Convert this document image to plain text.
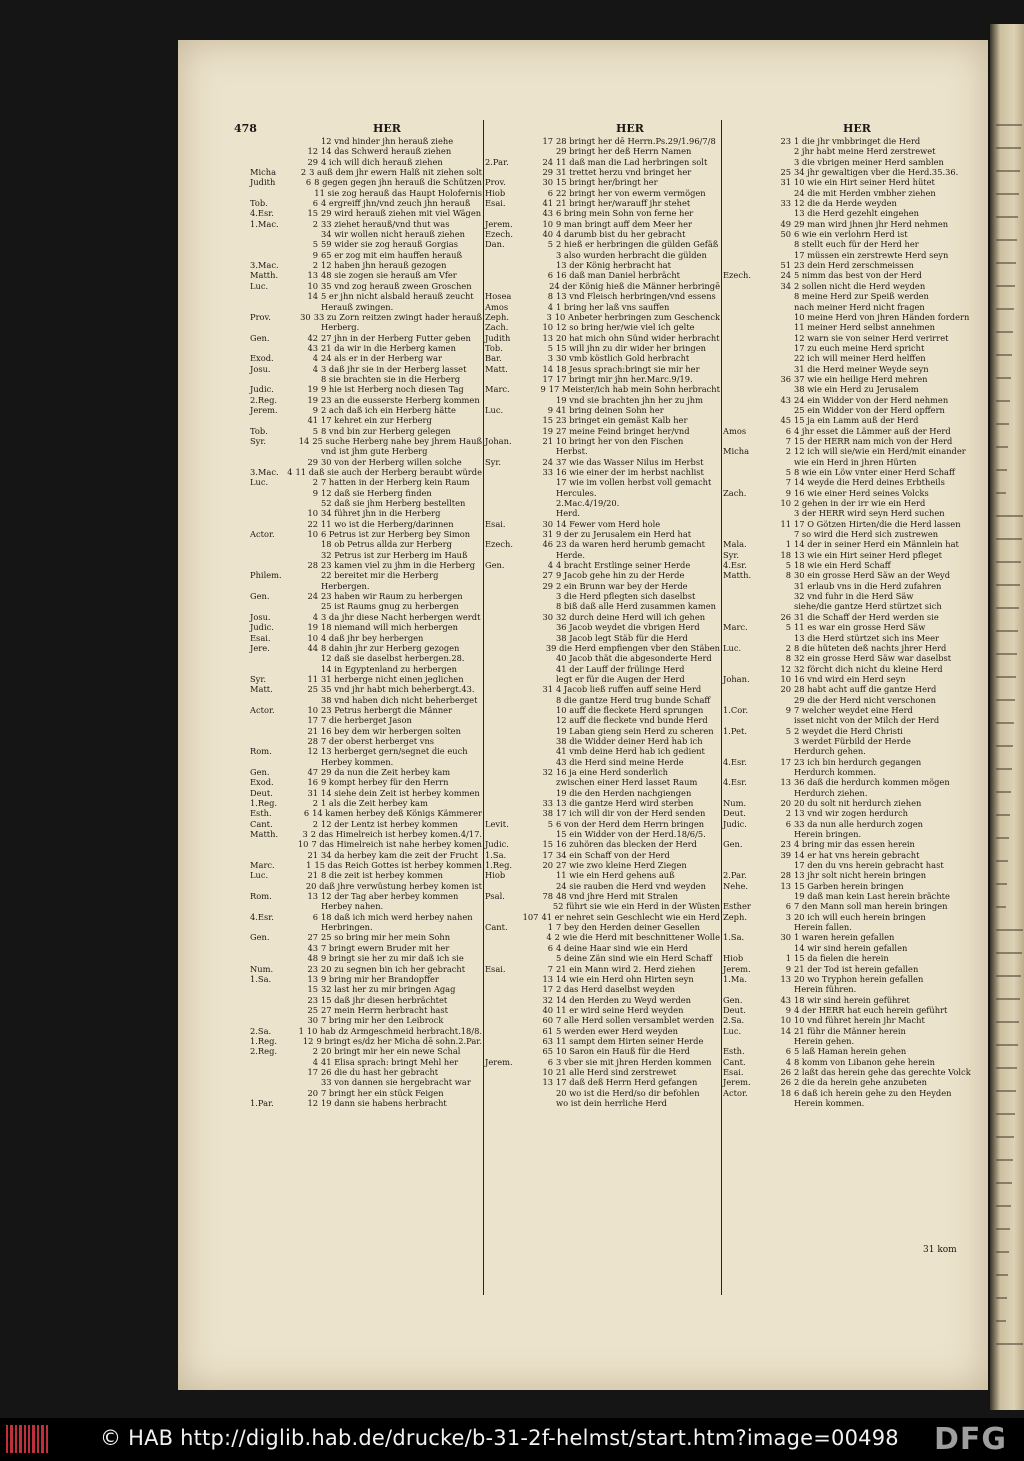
478	HER	HER	HER
12 vnd hinder jhn herauß ziehe
12 14 das Schwerd herauß ziehen
29 4 ich will dich herauß ziehen
Micha	2 3 auß dem jhr ewern Halß nit ziehen solt
Judith	6 8 gegen gegen jhn herauß die Schützen
11 sie zog herauß das Haupt Holofernis
Tob.	6 4 ergreiff jhn/vnd zeuch jhn herauß
4.Esr.	15 29 wird herauß ziehen mit viel Wägen
1.Mac.	2 33 ziehet herauß/vnd thut was
34 wir wollen nicht herauß ziehen
5 59 wider sie zog herauß Gorgias
9 65 er zog mit eim hauffen herauß
3.Mac.	2 12 haben jhn herauß gezogen
Matth.	13 48 sie zogen sie herauß am Vfer
Luc.	10 35 vnd zog herauß zween Groschen
14 5 er jhn nicht alsbald herauß zeucht
Herauß zwingen.
Prov.	30 33 zu Zorn reitzen zwingt hader herauß
Herberg.
Gen.	42 27 jhn in der Herberg Futter geben
43 21 da wir in die Herberg kamen
Exod.	4 24 als er in der Herberg war
Josu.	4 3 daß jhr sie in der Herberg lasset
8 sie brachten sie in die Herberg
Judic.	19 9 hie ist Herberg noch diesen Tag
2.Reg.	19 23 an die eusserste Herberg kommen
Jerem.	9 2 ach daß ich ein Herberg hätte
41 17 kehret ein zur Herberg
Tob.	5 8 vnd bin zur Herberg gelegen
Syr.	14 25 suche Herberg nahe bey jhrem Hauß
vnd ist jhm gute Herberg
29 30 von der Herberg willen solche
3.Mac.	4 11 daß sie auch der Herberg beraubt würde
Luc.	2 7 hatten in der Herberg kein Raum
9 12 daß sie Herberg finden
52 daß sie jhm Herberg bestellten
10 34 führet jhn in die Herberg
22 11 wo ist die Herberg/darinnen
Actor.	10 6 Petrus ist zur Herberg bey Simon
18 ob Petrus allda zur Herberg
32 Petrus ist zur Herberg im Hauß
28 23 kamen viel zu jhm in die Herberg
Philem.	22 bereitet mir die Herberg
Herbergen.
Gen.	24 23 haben wir Raum zu herbergen
25 ist Raums gnug zu herbergen
Josu.	4 3 da jhr diese Nacht herbergen werdt
Judic.	19 18 niemand will mich herbergen
Esai.	10 4 daß jhr bey herbergen
Jere.	44 8 dahin jhr zur Herberg gezogen
12 daß sie daselbst herbergen.28.
14 in Egyptenland zu herbergen
Syr.	11 31 herberge nicht einen jeglichen
Matt.	25 35 vnd jhr habt mich beherbergt.43.
38 vnd haben dich nicht beherberget
Actor.	10 23 Petrus herbergt die Männer
17 7 die herberget Jason
21 16 bey dem wir herbergen solten
28 7 der oberst herberget vns
Rom.	12 13 herberget gern/segnet die euch
Herbey kommen.
Gen.	47 29 da nun die Zeit herbey kam
Exod.	16 9 kompt herbey für den Herrn
Deut.	31 14 siehe dein Zeit ist herbey kommen
1.Reg.	2 1 als die Zeit herbey kam
Esth.	6 14 kamen herbey deß Königs Kämmerer
Cant.	2 12 der Lentz ist herbey kommen
Matth.	3 2 das Himelreich ist herbey komen.4/17.
10 7 das Himelreich ist nahe herbey komen
21 34 da herbey kam die zeit der Frucht
Marc.	1 15 das Reich Gottes ist herbey kommen
Luc.	21 8 die zeit ist herbey kommen
20 daß jhre verwüstung herbey komen ist
Rom.	13 12 der Tag aber herbey kommen
Herbey nahen.
4.Esr.	6 18 daß ich mich werd herbey nahen
Herbringen.
Gen.	27 25 so bring mir her mein Sohn
43 7 bringt ewern Bruder mit her
48 9 bringt sie her zu mir daß ich sie
Num.	23 20 zu segnen bin ich her gebracht
1.Sa.	13 9 bring mir her Brandopffer
15 32 last her zu mir bringen Agag
23 15 daß jhr diesen herbrächtet
25 27 mein Herrn herbracht hast
30 7 bring mir her den Leibrock
2.Sa.	1 10 hab dz Armgeschmeid herbracht.18/8.
1.Reg.	12 9 bringt es/dz her Micha dē sohn.2.Par.
2.Reg.	2 20 bringt mir her ein newe Schal
4 41 Elisa sprach: bringt Mehl her
17 26 die du hast her gebracht
33 von dannen sie hergebracht war
20 7 bringt her ein stück Feigen
1.Par.	12 19 dann sie habens herbracht
17 28 bringt her dē Herrn.Ps.29/1.96/7/8
29 bringt her deß Herrn Namen
2.Par.	24 11 daß man die Lad herbringen solt
29 31 trettet herzu vnd bringet her
Prov.	30 15 bringt her/bringt her
Hiob	6 22 bringt her von ewerm vermögen
Esai.	41 21 bringt her/warauff jhr stehet
43 6 bring mein Sohn von ferne her
Jerem.	10 9 man bringt auff dem Meer her
Ezech.	40 4 darumb bist du her gebracht
Dan.	5 2 hieß er herbringen die gülden Gefäß
3 also wurden herbracht die gülden
13 der König herbracht hat
6 16 daß man Daniel herbrächt
24 der König hieß die Männer herbringē
Hosea	8 13 vnd Fleisch herbringen/vnd essens
Amos	4 1 bring her laß vns sauffen
Zeph.	3 10 Anbeter herbringen zum Geschenck
Zach.	10 12 so bring her/wie viel ich gelte
Judith	13 20 hat mich ohn Sünd wider herbracht
Tob.	5 15 will jhn zu dir wider her bringen
Bar.	3 30 vmb köstlich Gold herbracht
Matt.	14 18 Jesus sprach:bringt sie mir her
17 17 bringt mir jhn her.Marc.9/19.
Marc.	9 17 Meister/ich hab mein Sohn herbracht
19 vnd sie brachten jhn her zu jhm
Luc.	9 41 bring deinen Sohn her
15 23 bringet ein gemäst Kalb her
19 27 meine Feind bringet her/vnd
Johan.	21 10 bringt her von den Fischen
Herbst.
Syr.	24 37 wie das Wasser Nilus im Herbst
33 16 wie einer der im herbst nachlist
17 wie im vollen herbst voll gemacht
Hercules.
2.Mac.4/19/20.
Herd.
Esai.	30 14 Fewer vom Herd hole
31 9 der zu Jerusalem ein Herd hat
Ezech.	46 23 da waren herd herumb gemacht
Herde.
Gen.	4 4 bracht Erstlinge seiner Herde
27 9 Jacob gehe hin zu der Herde
29 2 ein Brunn war bey der Herde
3 die Herd pflegten sich daselbst
8 biß daß alle Herd zusammen kamen
30 32 durch deine Herd will ich gehen
36 Jacob weydet die vbrigen Herd
38 Jacob legt Stäb für die Herd
39 die Herd empfiengen vber den Stäben
40 Jacob thät die abgesonderte Herd
41 der Lauff der frülinge Herd
legt er für die Augen der Herd
31 4 Jacob ließ ruffen auff seine Herd
8 die gantze Herd trug bunde Schaff
10 auff die fleckete Herd sprungen
12 auff die fleckete vnd bunde Herd
19 Laban gieng sein Herd zu scheren
38 die Widder deiner Herd hab ich
41 vmb deine Herd hab ich gedient
43 die Herd sind meine Herde
32 16 ja eine Herd sonderlich
zwischen einer Herd lasset Raum
19 die den Herden nachgiengen
33 13 die gantze Herd wird sterben
38 17 ich will dir von der Herd senden
Levit.	5 6 von der Herd dem Herrn bringen
15 ein Widder von der Herd.18/6/5.
Judic.	15 16 zuhören das blecken der Herd
1.Sa.	17 34 ein Schaff von der Herd
1.Reg.	20 27 wie zwo kleine Herd Ziegen
Hiob	11 wie ein Herd gehens auß
24 sie rauben die Herd vnd weyden
Psal.	78 48 vnd jhre Herd mit Stralen
52 führt sie wie ein Herd in der Wüsten
107 41 er nehret sein Geschlecht wie ein Herd
Cant.	1 7 bey den Herden deiner Gesellen
4 2 wie die Herd mit beschnittener Wolle
6 4 deine Haar sind wie ein Herd
5 deine Zän sind wie ein Herd Schaff
Esai.	7 21 ein Mann wird 2. Herd ziehen
13 14 wie ein Herd ohn Hirten seyn
17 2 das Herd daselbst weyden
32 14 den Herden zu Weyd werden
40 11 er wird seine Herd weyden
60 7 alle Herd sollen versamblet werden
61 5 werden ewer Herd weyden
63 11 sampt dem Hirten seiner Herde
65 10 Saron ein Hauß für die Herd
Jerem.	6 3 vber sie mit jhren Herden kommen
10 21 alle Herd sind zerstrewet
13 17 daß deß Herrn Herd gefangen
20 wo ist die Herd/so dir befohlen
wo ist dein herrliche Herd
23 1 die jhr vmbbringet die Herd
2 jhr habt meine Herd zerstrewet
3 die vbrigen meiner Herd samblen
25 34 jhr gewaltigen vber die Herd.35.36.
31 10 wie ein Hirt seiner Herd hütet
24 die mit Herden vmbher ziehen
33 12 die da Herde weyden
13 die Herd gezehlt eingehen
49 29 man wird jhnen jhr Herd nehmen
50 6 wie ein verlohrn Herd ist
8 stellt euch für der Herd her
17 müssen ein zerstrewte Herd seyn
51 23 dein Herd zerschmeissen
Ezech.	24 5 nimm das best von der Herd
34 2 sollen nicht die Herd weyden
8 meine Herd zur Speiß werden
nach meiner Herd nicht fragen
10 meine Herd von jhren Händen fordern
11 meiner Herd selbst annehmen
12 warn sie von seiner Herd verirret
17 zu euch meine Herd spricht
22 ich will meiner Herd helffen
31 die Herd meiner Weyde seyn
36 37 wie ein heilige Herd mehren
38 wie ein Herd zu Jerusalem
43 24 ein Widder von der Herd nehmen
25 ein Widder von der Herd opffern
45 15 ja ein Lamm auß der Herd
Amos	6 4 jhr esset die Lämmer auß der Herd
7 15 der HERR nam mich von der Herd
Micha	2 12 ich will sie/wie ein Herd/mit einander
wie ein Herd in jhren Hürten
5 8 wie ein Löw vnter einer Herd Schaff
7 14 weyde die Herd deines Erbtheils
Zach.	9 16 wie einer Herd seines Volcks
10 2 gehen in der irr wie ein Herd
3 der HERR wird seyn Herd suchen
11 17 O Götzen Hirten/die die Herd lassen
7 so wird die Herd sich zustrewen
Mala.	1 14 der in seiner Herd ein Männlein hat
Syr.	18 13 wie ein Hirt seiner Herd pfleget
4.Esr.	5 18 wie ein Herd Schaff
Matth.	8 30 ein grosse Herd Säw an der Weyd
31 erlaub vns in die Herd zufahren
32 vnd fuhr in die Herd Säw
siehe/die gantze Herd stürtzet sich
26 31 die Schaff der Herd werden sie
Marc.	5 11 es war ein grosse Herd Säw
13 die Herd stürtzet sich ins Meer
Luc.	2 8 die hüteten deß nachts jhrer Herd
8 32 ein grosse Herd Säw war daselbst
12 32 förcht dich nicht du kleine Herd
Johan.	10 16 vnd wird ein Herd seyn
20 28 habt acht auff die gantze Herd
29 die der Herd nicht verschonen
1.Cor.	9 7 welcher weydet eine Herd
isset nicht von der Milch der Herd
1.Pet.	5 2 weydet die Herd Christi
3 werdet Fürbild der Herde
Herdurch gehen.
4.Esr.	17 23 ich bin herdurch gegangen
Herdurch kommen.
4.Esr.	13 36 daß die herdurch kommen mögen
Herdurch ziehen.
Num.	20 20 du solt nit herdurch ziehen
Deut.	2 13 vnd wir zogen herdurch
Judic.	6 33 da nun alle herdurch zogen
Herein bringen.
Gen.	23 4 bring mir das essen herein
39 14 er hat vns herein gebracht
17 den du vns herein gebracht hast
2.Par.	28 13 jhr solt nicht herein bringen
Nehe.	13 15 Garben herein bringen
19 daß man kein Last herein brächte
Esther	6 7 den Mann soll man herein bringen
Zeph.	3 20 ich will euch herein bringen
Herein fallen.
1.Sa.	30 1 waren herein gefallen
14 wir sind herein gefallen
Hiob	1 15 da fielen die herein
Jerem.	9 21 der Tod ist herein gefallen
1.Ma.	13 20 wo Tryphon herein gefallen
Herein führen.
Gen.	43 18 wir sind herein geführet
Deut.	9 4 der HERR hat euch herein geführt
2.Sa.	10 10 vnd führet herein jhr Macht
Luc.	14 21 führ die Männer herein
Herein gehen.
Esth.	6 5 laß Haman herein gehen
Cant.	4 8 komm von Libanon gehe herein
Esai.	26 2 laßt das herein gehe das gerechte Volck
Jerem.	26 2 die da herein gehe anzubeten
Actor.	18 6 daß ich herein gehe zu den Heyden
Herein kommen.
31 kom
© HAB http://diglib.hab.de/drucke/b-31-2f-helmst/start.htm?image=00498 DFG
